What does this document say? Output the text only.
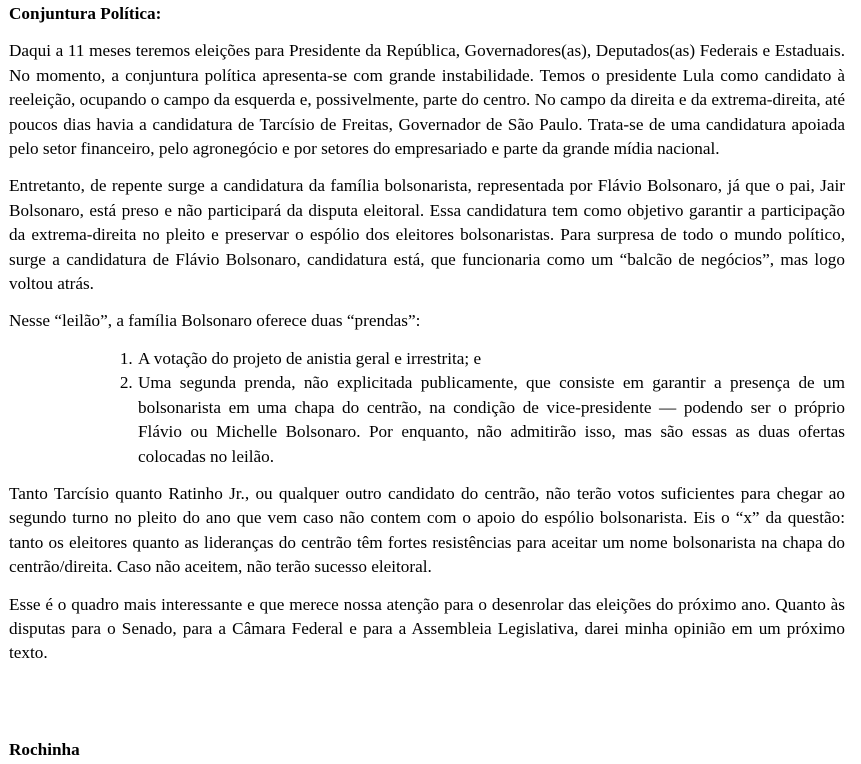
Conjuntura Política:

Daqui a 11 meses teremos eleições para Presidente da República, Governadores(as), Deputados(as) Federais e Estaduais. No momento, a conjuntura política apresenta-se com grande instabilidade. Temos o presidente Lula como candidato à reeleição, ocupando o campo da esquerda e, possivelmente, parte do centro. No campo da direita e da extrema-direita, até poucos dias havia a candidatura de Tarcísio de Freitas, Governador de São Paulo. Trata-se de uma candidatura apoiada pelo setor financeiro, pelo agronegócio e por setores do empresariado e parte da grande mídia nacional.

Entretanto, de repente surge a candidatura da família bolsonarista, representada por Flávio Bolsonaro, já que o pai, Jair Bolsonaro, está preso e não participará da disputa eleitoral. Essa candidatura tem como objetivo garantir a participação da extrema-direita no pleito e preservar o espólio dos eleitores bolsonaristas. Para surpresa de todo o mundo político, surge a candidatura de Flávio Bolsonaro, candidatura está, que funcionaria como um “balcão de negócios”, mas logo voltou atrás.

Nesse “leilão”, a família Bolsonaro oferece duas “prendas”:

1. A votação do projeto de anistia geral e irrestrita; e
2. Uma segunda prenda, não explicitada publicamente, que consiste em garantir a presença de um bolsonarista em uma chapa do centrão, na condição de vice-presidente — podendo ser o próprio Flávio ou Michelle Bolsonaro. Por enquanto, não admitirão isso, mas são essas as duas ofertas colocadas no leilão.

Tanto Tarcísio quanto Ratinho Jr., ou qualquer outro candidato do centrão, não terão votos suficientes para chegar ao segundo turno no pleito do ano que vem caso não contem com o apoio do espólio bolsonarista. Eis o “x” da questão: tanto os eleitores quanto as lideranças do centrão têm fortes resistências para aceitar um nome bolsonarista na chapa do centrão/direita. Caso não aceitem, não terão sucesso eleitoral.

Esse é o quadro mais interessante e que merece nossa atenção para o desenrolar das eleições do próximo ano. Quanto às disputas para o Senado, para a Câmara Federal e para a Assembleia Legislativa, darei minha opinião em um próximo texto.

Rochinha
